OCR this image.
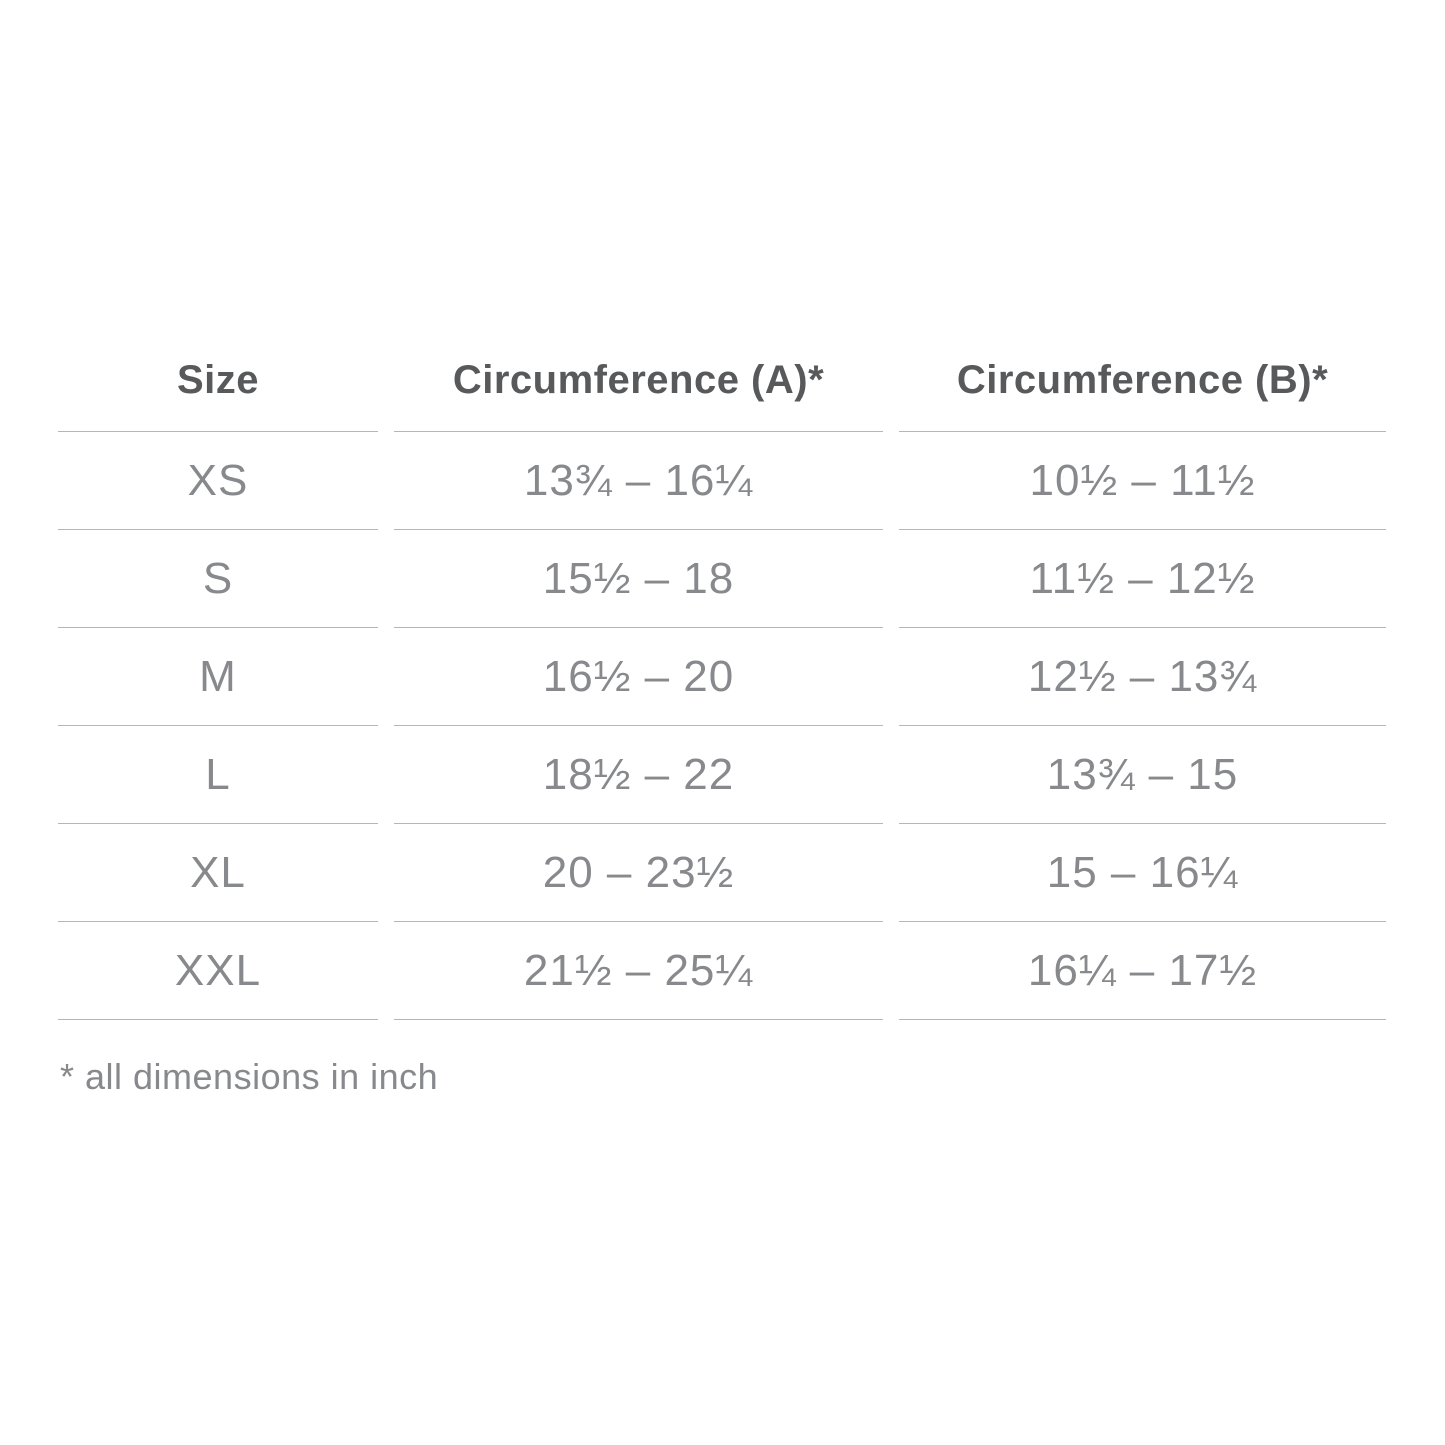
Size	Circumference (A)*	Circumference (B)*
XS	13¾ – 16¼	10½ – 11½
S	15½ – 18	11½ – 12½
M	16½ – 20	12½ – 13¾
L	18½ – 22	13¾ – 15
XL	20 – 23½	15 – 16¼
XXL	21½ – 25¼	16¼ – 17½
* all dimensions in inch
